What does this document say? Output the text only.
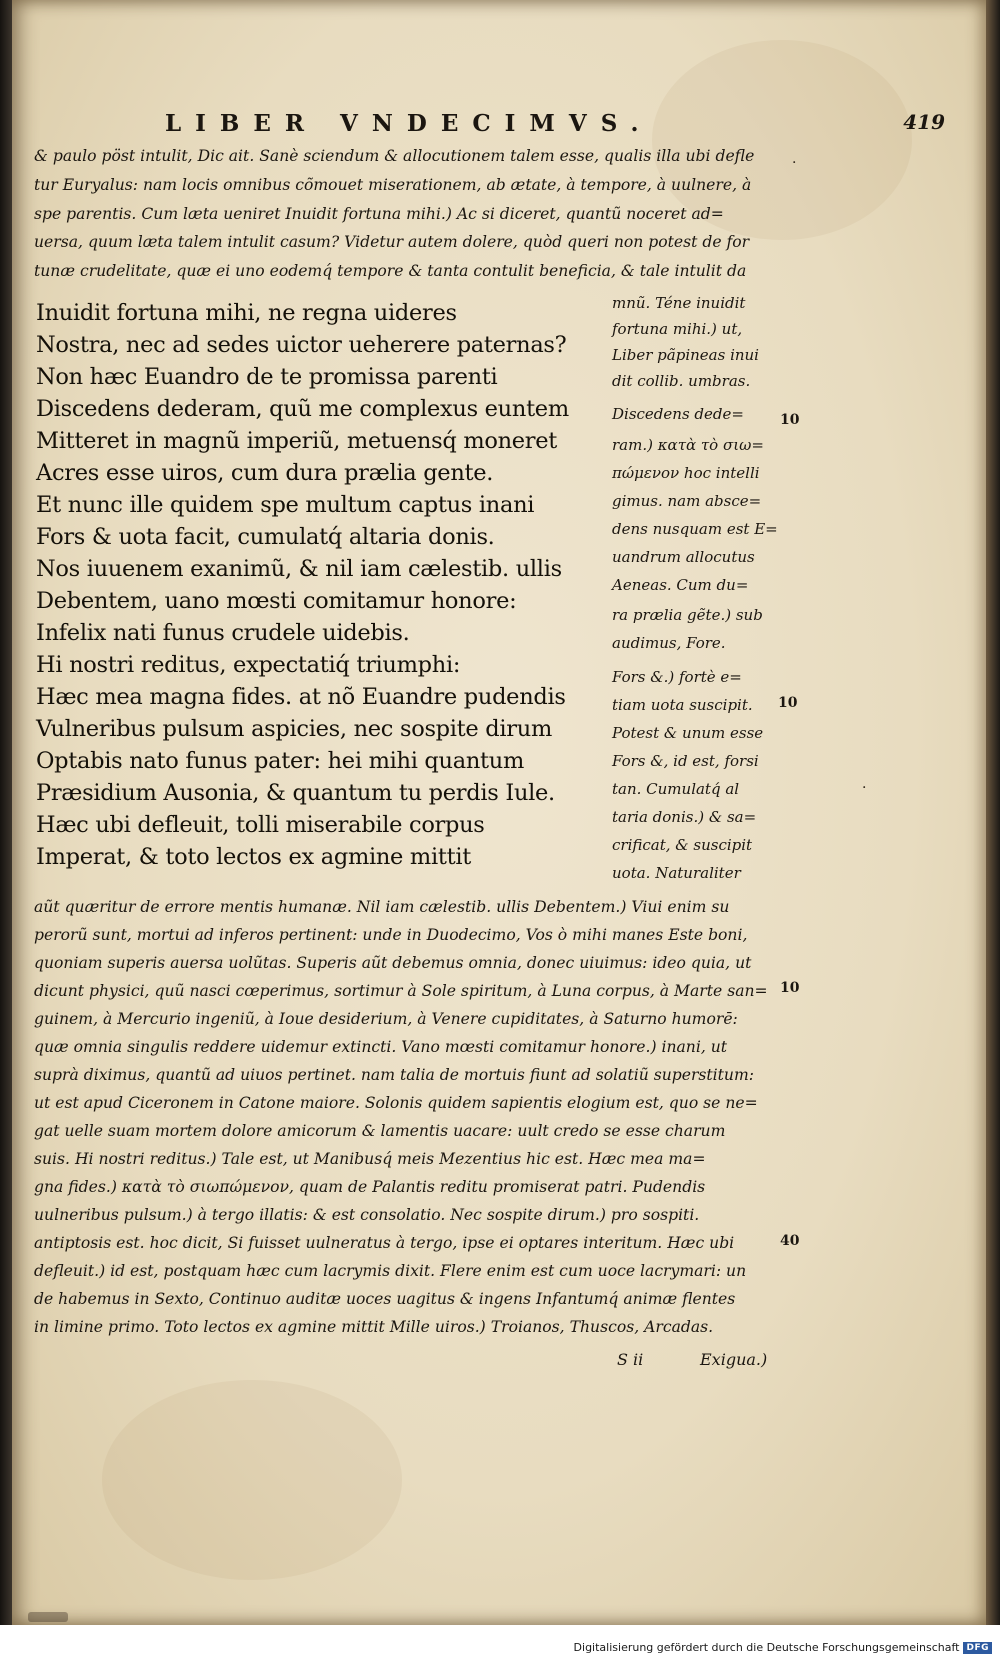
LIBER VNDECIMVS.	419
& paulo pöst intulit, Dic ait. Sanè sciendum & allocutionem talem esse, qualis illa ubi defle
tur Euryalus: nam locis omnibus cõmouet miserationem, ab ætate, à tempore, à uulnere, à
spe parentis. Cum læta ueniret Inuidit fortuna mihi.) Ac si diceret, quantũ noceret ad=
uersa, quum læta talem intulit casum? Videtur autem dolere, quòd queri non potest de for
tunæ crudelitate, quæ ei uno eodemq́ tempore & tanta contulit beneficia, & tale intulit da
Inuidit fortuna mihi, ne regna uideres
Nostra, nec ad sedes uictor ueherere paternas?
Non hæc Euandro de te promissa parenti
Discedens dederam, quũ me complexus euntem
Mitteret in magnũ imperiũ, metuensq́ moneret
Acres esse uiros, cum dura prælia gente.
Et nunc ille quidem spe multum captus inani
Fors & uota facit, cumulatq́ altaria donis.
Nos iuuenem exanimũ, & nil iam cælestib. ullis
Debentem, uano mœsti comitamur honore:
Infelix nati funus crudele uidebis.
Hi nostri reditus, expectatiq́ triumphi:
Hæc mea magna fides. at nõ Euandre pudendis
Vulneribus pulsum aspicies, nec sospite dirum
Optabis nato funus pater: hei mihi quantum
Præsidium Ausonia, & quantum tu perdis Iule.
Hæc ubi defleuit, tolli miserabile corpus
Imperat, & toto lectos ex agmine mittit
mnũ. Téne inuidit
fortuna mihi.) ut,
Liber pãpineas inui
dit collib. umbras.
Discedens dede=
ram.) κατὰ τὸ σιω=
πώμενον hoc intelli
gimus. nam absce=
dens nusquam est E=
uandrum allocutus
Aeneas. Cum du=
ra prælia gẽte.) sub
audimus, Fore.
Fors &.) fortè e=
tiam uota suscipit.
Potest & unum esse
Fors &, id est, forsi
tan. Cumulatq́ al
taria donis.) & sa=
crificat, & suscipit
uota. Naturaliter
10
10
10
40
·
·
aũt quæritur de errore mentis humanæ. Nil iam cælestib. ullis Debentem.) Viui enim su
perorũ sunt, mortui ad inferos pertinent: unde in Duodecimo, Vos ò mihi manes Este boni,
quoniam superis auersa uolũtas. Superis aũt debemus omnia, donec uiuimus: ideo quia, ut
dicunt physici, quũ nasci cœperimus, sortimur à Sole spiritum, à Luna corpus, à Marte san=
guinem, à Mercurio ingeniũ, à Ioue desiderium, à Venere cupiditates, à Saturno humorē:
quæ omnia singulis reddere uidemur extincti. Vano mœsti comitamur honore.) inani, ut
suprà diximus, quantũ ad uiuos pertinet. nam talia de mortuis fiunt ad solatiũ superstitum:
ut est apud Ciceronem in Catone maiore. Solonis quidem sapientis elogium est, quo se ne=
gat uelle suam mortem dolore amicorum & lamentis uacare: uult credo se esse charum
suis. Hi nostri reditus.) Tale est, ut Manibusq́ meis Mezentius hic est. Hæc mea ma=
gna fides.) κατὰ τὸ σιωπώμενον, quam de Palantis reditu promiserat patri. Pudendis
uulneribus pulsum.) à tergo illatis: & est consolatio. Nec sospite dirum.) pro sospiti.
antiptosis est. hoc dicit, Si fuisset uulneratus à tergo, ipse ei optares interitum. Hæc ubi
defleuit.) id est, postquam hæc cum lacrymis dixit. Flere enim est cum uoce lacrymari: un
de habemus in Sexto, Continuo auditæ uoces uagitus & ingens Infantumq́ animæ flentes
in limine primo. Toto lectos ex agmine mittit Mille uiros.) Troianos, Thuscos, Arcadas.
S ii	Exigua.)
Digitalisierung gefördert durch die Deutsche Forschungsgemeinschaft DFG
